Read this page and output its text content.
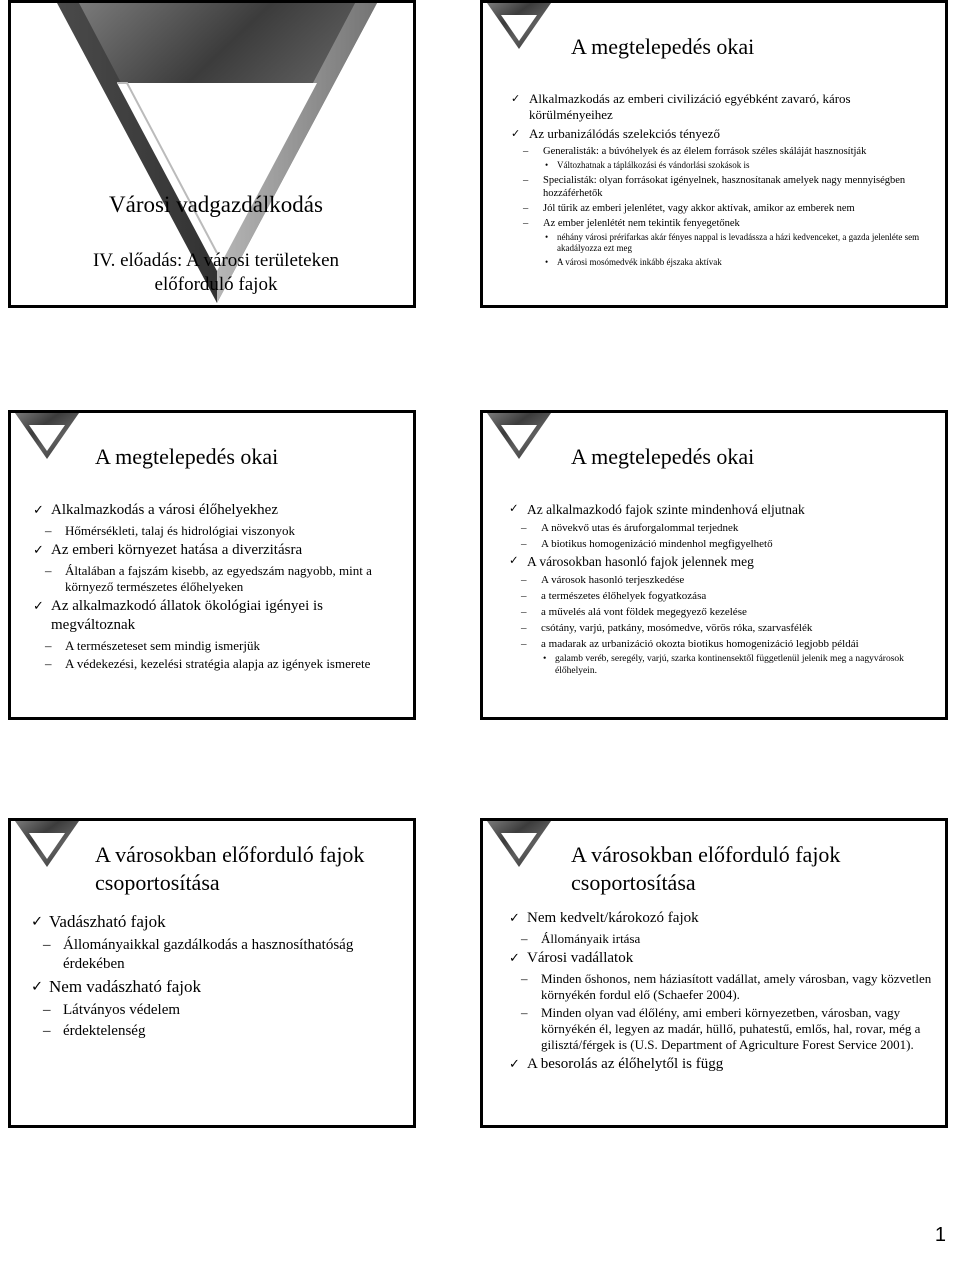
Városi vadgazdálkodás
IV. előadás: A városi területeken előforduló fajok
A megtelepedés okai
✓ Alkalmazkodás az emberi civilizáció egyébként zavaró, káros körülményeihez
✓ Az urbanizálódás szelekciós tényező
– Generalisták: a búvóhelyek és az élelem források széles skáláját hasznosítják
• Változhatnak a táplálkozási és vándorlási szokások is
– Specialisták: olyan forrásokat igényelnek, hasznosítanak amelyek nagy mennyiségben hozzáférhetők
– Jól tűrik az emberi jelenlétet, vagy akkor aktívak, amikor az emberek nem
– Az ember jelenlétét nem tekintik fenyegetőnek
• néhány városi prérifarkas akár fényes nappal is levadássza a házi kedvenceket, a gazda jelenléte sem akadályozza ezt meg
• A városi mosómedvék inkább éjszaka aktívak
A megtelepedés okai
✓ Alkalmazkodás a városi élőhelyekhez
– Hőmérsékleti, talaj és hidrológiai viszonyok
✓ Az emberi környezet hatása a diverzitásra
– Általában a fajszám kisebb, az egyedszám nagyobb, mint a környező természetes élőhelyeken
✓ Az alkalmazkodó állatok ökológiai igényei is megváltoznak
– A természeteset sem mindig ismerjük
– A védekezési, kezelési stratégia alapja az igények ismerete
A megtelepedés okai
✓ Az alkalmazkodó fajok szinte mindenhová eljutnak
– A növekvő utas és áruforgalommal terjednek
– A biotikus homogenizáció mindenhol megfigyelhető
✓ A városokban hasonló fajok jelennek meg
– A városok hasonló terjeszkedése
– a természetes élőhelyek fogyatkozása
– a művelés alá vont földek megegyező kezelése
– csótány, varjú, patkány, mosómedve, vörös róka, szarvasfélék
– a madarak az urbanizáció okozta biotikus homogenizáció legjobb példái
• galamb veréb, seregély, varjú, szarka kontinensektől függetlenül jelenik meg a nagyvárosok élőhelyein.
A városokban előforduló fajok csoportosítása
✓ Vadászható fajok
– Állományaikkal gazdálkodás a hasznosíthatóság érdekében
✓ Nem vadászható fajok
– Látványos védelem
– érdektelenség
A városokban előforduló fajok csoportosítása
✓ Nem kedvelt/károkozó fajok
– Állományaik irtása
✓ Városi vadállatok
– Minden őshonos, nem háziasított vadállat, amely városban, vagy közvetlen környékén fordul elő (Schaefer 2004).
– Minden olyan vad élőlény, ami emberi környezetben, városban, vagy környékén él, legyen az madár, hüllő, puhatestű, emlős, hal, rovar, még a gilisztá/férgek is (U.S. Department of Agriculture Forest Service 2001).
✓ A besorolás az élőhelytől is függ
1
